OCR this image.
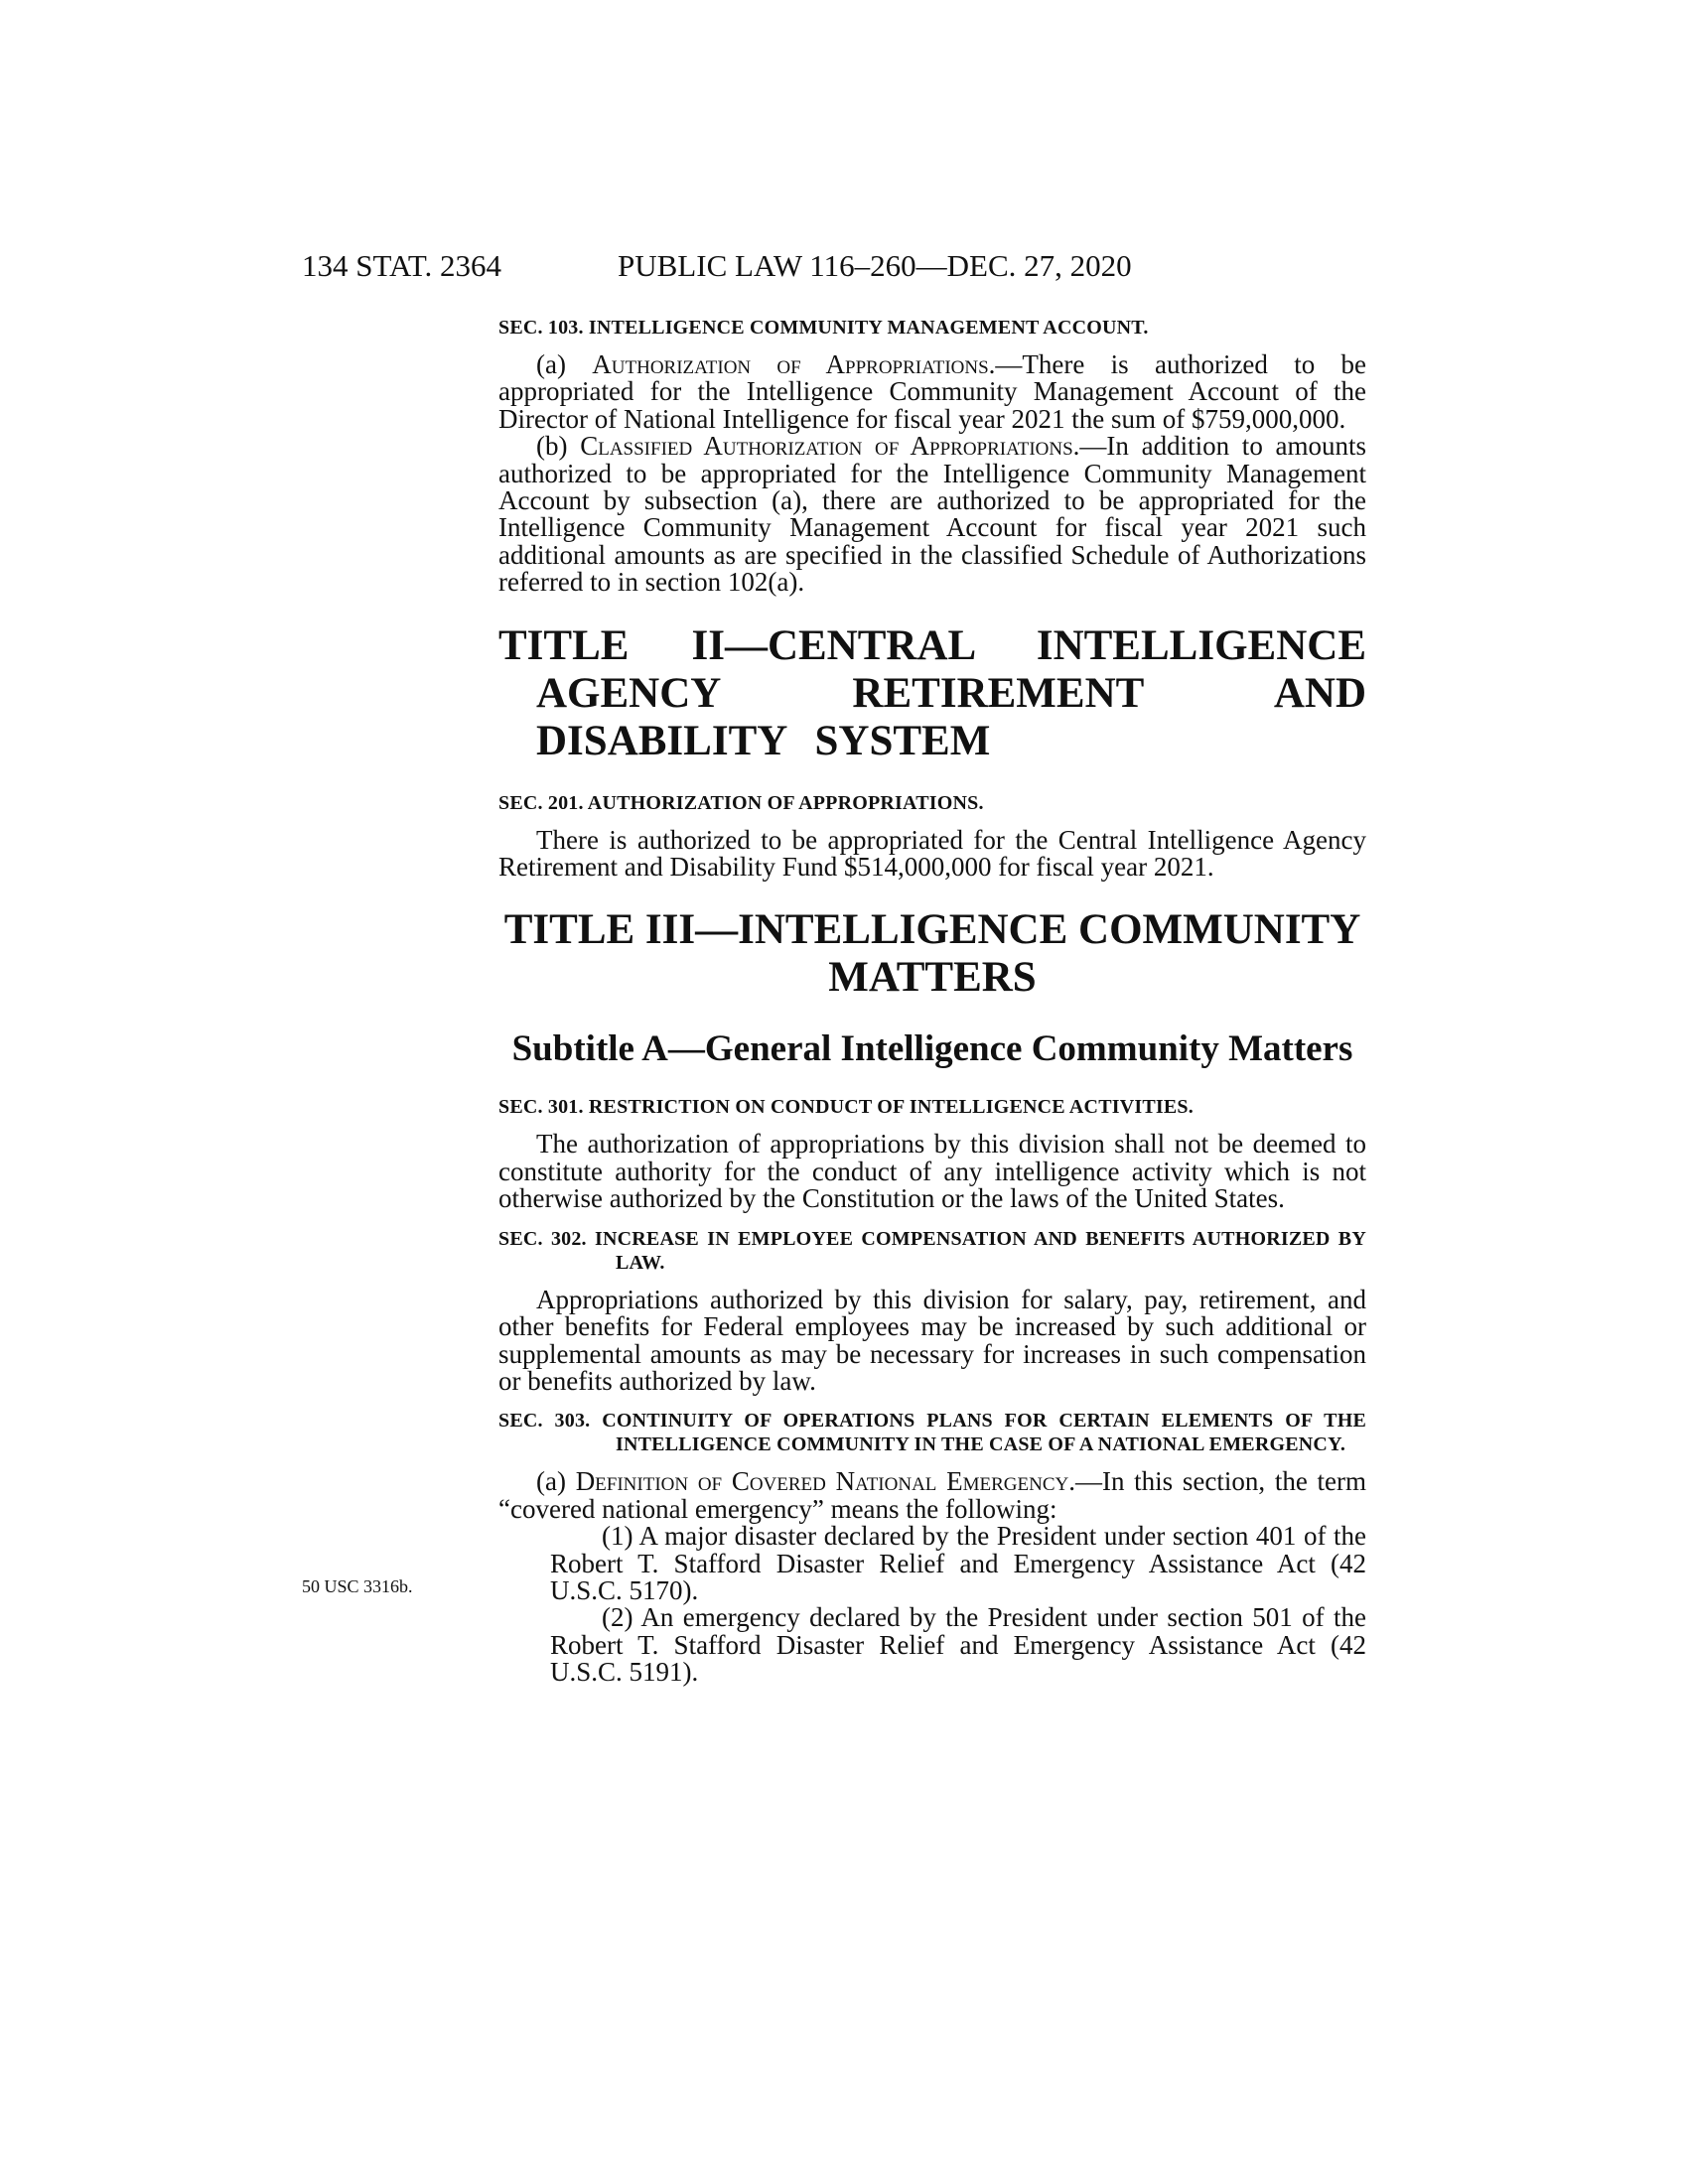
134 STAT. 2364	PUBLIC LAW 116–260—DEC. 27, 2020
50 USC 3316b.
SEC. 103. INTELLIGENCE COMMUNITY MANAGEMENT ACCOUNT.

(a) Authorization of Appropriations.—There is authorized to be appropriated for the Intelligence Community Management Account of the Director of National Intelligence for fiscal year 2021 the sum of $759,000,000.

(b) Classified Authorization of Appropriations.—In addition to amounts authorized to be appropriated for the Intelligence Community Management Account by subsection (a), there are authorized to be appropriated for the Intelligence Community Management Account for fiscal year 2021 such additional amounts as are specified in the classified Schedule of Authorizations referred to in section 102(a).

TITLE II—CENTRAL INTELLIGENCE AGENCY RETIREMENT AND DISABILITY SYSTEM
SEC. 201. AUTHORIZATION OF APPROPRIATIONS.

There is authorized to be appropriated for the Central Intelligence Agency Retirement and Disability Fund $514,000,000 for fiscal year 2021.

TITLE III—INTELLIGENCE COMMUNITY MATTERS
Subtitle A—General Intelligence Community Matters
SEC. 301. RESTRICTION ON CONDUCT OF INTELLIGENCE ACTIVITIES.

The authorization of appropriations by this division shall not be deemed to constitute authority for the conduct of any intelligence activity which is not otherwise authorized by the Constitution or the laws of the United States.

SEC. 302. INCREASE IN EMPLOYEE COMPENSATION AND BENEFITS AUTHORIZED BY LAW.

Appropriations authorized by this division for salary, pay, retirement, and other benefits for Federal employees may be increased by such additional or supplemental amounts as may be necessary for increases in such compensation or benefits authorized by law.

SEC. 303. CONTINUITY OF OPERATIONS PLANS FOR CERTAIN ELEMENTS OF THE INTELLIGENCE COMMUNITY IN THE CASE OF A NATIONAL EMERGENCY.

(a) Definition of Covered National Emergency.—In this section, the term “covered national emergency” means the following:

(1) A major disaster declared by the President under section 401 of the Robert T. Stafford Disaster Relief and Emergency Assistance Act (42 U.S.C. 5170).

(2) An emergency declared by the President under section 501 of the Robert T. Stafford Disaster Relief and Emergency Assistance Act (42 U.S.C. 5191).
